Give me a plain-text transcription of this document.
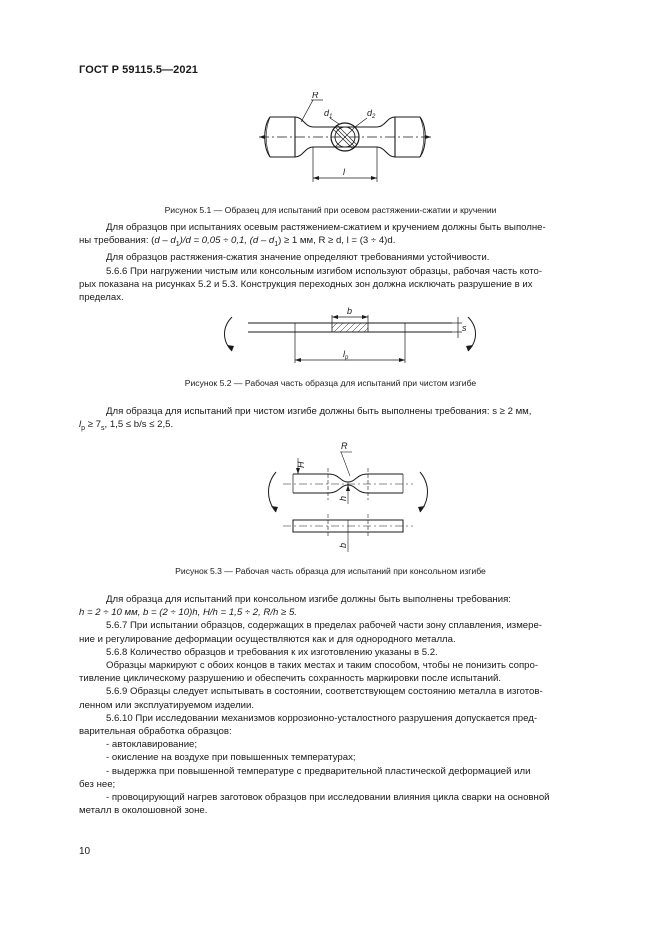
ГОСТ Р 59115.5—2021
R
$d_1$	$d_2$
l
Рисунок 5.1 — Образец для испытаний при осевом растяжении-сжатии и кручении

Для образцов при испытаниях осевым растяжением-сжатием и кручением должны быть выполне-

ны требования: $(d - d_1)/d = 0,05 \div 0,1$, $(d - d_1) \ge 1$ мм, R ≥ d, l = (3 ÷ 4)d.

Для образцов растяжения-сжатия значение определяют требованиями устойчивости.

5.6.6 При нагружении чистым или консольным изгибом используют образцы, рабочая часть кото-

рых показана на рисунках 5.2 и 5.3. Конструкция переходных зон должна исключать разрушение в их

пределах.

b
s
$l_р$
Рисунок 5.2 — Рабочая часть образца для испытаний при чистом изгибе

Для образца для испытаний при чистом изгибе должны быть выполнены требования: s ≥ 2 мм,

$l_р \ge 7_s$, 1,5 ≤ b/s ≤ 2,5.

R
H
h
b
Рисунок 5.3 — Рабочая часть образца для испытаний при консольном изгибе

Для образца для испытаний при консольном изгибе должны быть выполнены требования:

h = 2 ÷ 10 мм, b = (2 ÷ 10)h, H/h = 1,5 ÷ 2, R/h ≥ 5.

5.6.7 При испытании образцов, содержащих в пределах рабочей части зону сплавления, измере-

ние и регулирование деформации осуществляются как и для однородного металла.

5.6.8 Количество образцов и требования к их изготовлению указаны в 5.2.

Образцы маркируют с обоих концов в таких местах и таким способом, чтобы не понизить сопро-

тивление циклическому разрушению и обеспечить сохранность маркировки после испытаний.

5.6.9 Образцы следует испытывать в состоянии, соответствующем состоянию металла в изготов-

ленном или эксплуатируемом изделии.

5.6.10 При исследовании механизмов коррозионно-усталостного разрушения допускается пред-

варительная обработка образцов:

- автоклавирование;

- окисление на воздухе при повышенных температурах;

- выдержка при повышенной температуре с предварительной пластической деформацией или

без нее;

- провоцирующий нагрев заготовок образцов при исследовании влияния цикла сварки на основной

металл в околошовной зоне.

10
